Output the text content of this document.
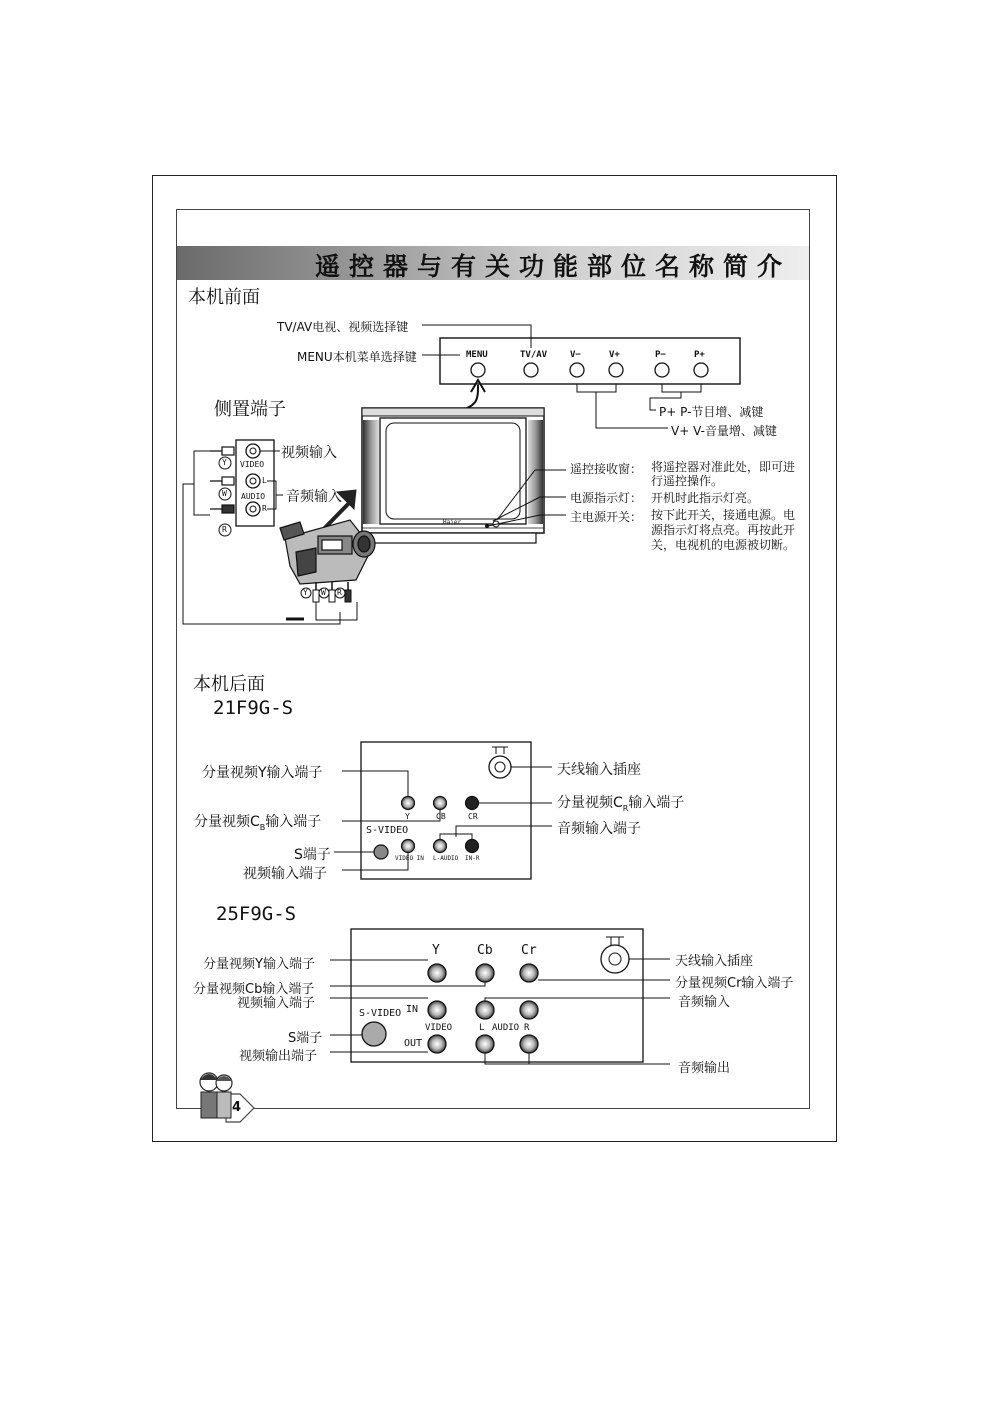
遥控器与有关功能部位名称简介
本机前面
TV/AV电视、视频选择键
MENU本机菜单选择键	MENU	TV/AV	V−	V+	P−	P+
P+ P-节目增、减键
V+ V-音量增、减键
Haier
遥控接收窗： 将遥控器对准此处，即可进行遥控操作。
电源指示灯： 开机时此指示灯亮。
主电源开关： 按下此开关，接通电源。电源指示灯将点亮。再按此开关，电视机的电源被切断。
侧置端子
视频输入
音频输入
VIDEO
AUDIO
L
R
Y
W
R
Y W R
本机后面
21F9G-S
分量视频Y输入端子
分量视频$C_B$输入端子
S端子
视频输入端子
天线输入插座
分量视频$C_R$输入端子
音频输入端子
Y	CB	CR
S-VIDEO
VIDEO IN L-AUDIO IN-R
25F9G-S
分量视频Y输入端子
分量视频Cb输入端子
视频输入端子
S端子
视频输出端子
天线输入插座
分量视频Cr输入端子
音频输入
音频输出
Y	Cb Cr
S-VIDEO IN
VIDEO
OUT
L AUDIO R
4
